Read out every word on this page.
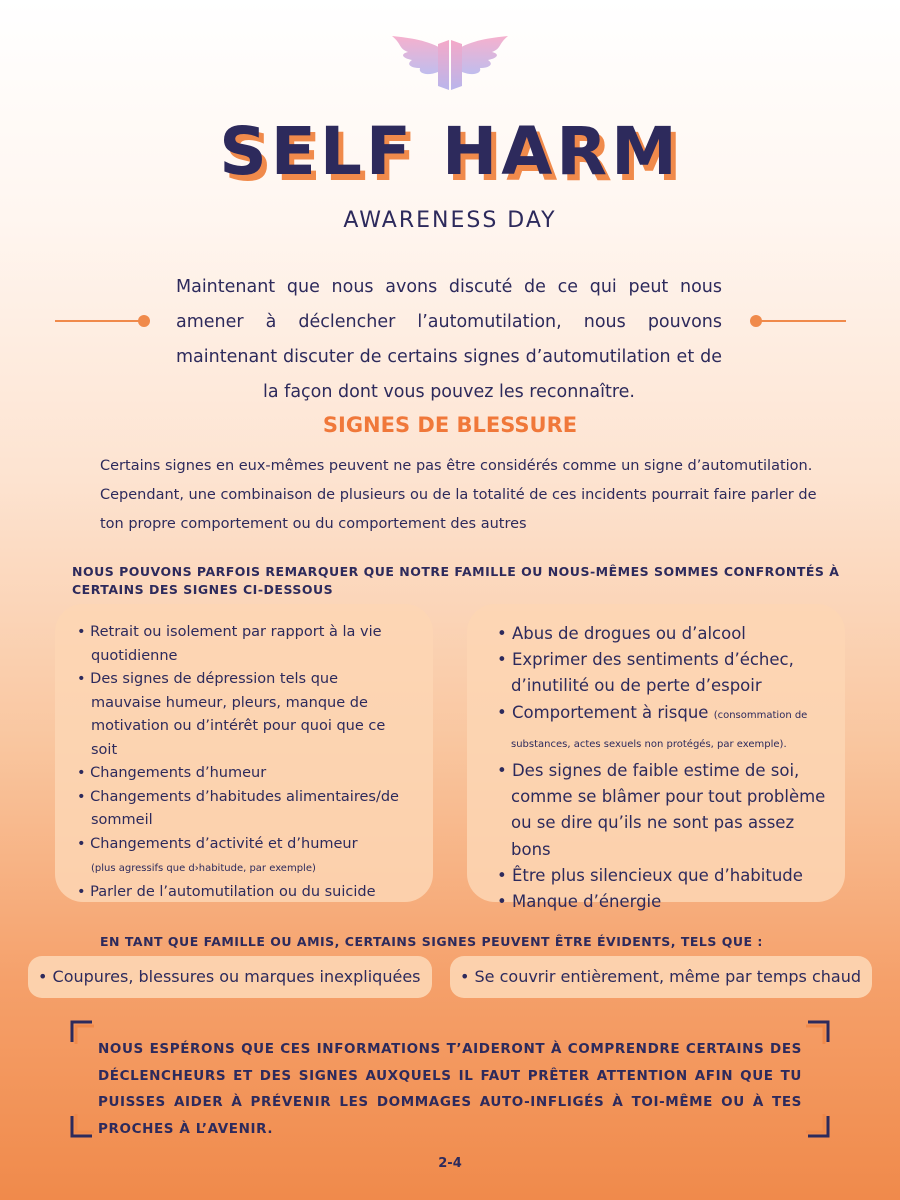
SELF HARM
AWARENESS DAY
Maintenant que nous avons discuté de ce qui peut nous amener à déclencher l’automutilation, nous pouvons maintenant discuter de certains signes d’automutilation et de la façon dont vous pouvez les reconnaître.
SIGNES DE BLESSURE
Certains signes en eux-mêmes peuvent ne pas être considérés comme un signe d’automutilation. Cependant, une combinaison de plusieurs ou de la totalité de ces incidents pourrait faire parler de ton propre comportement ou du comportement des autres
NOUS POUVONS PARFOIS REMARQUER QUE NOTRE FAMILLE OU NOUS-MÊMES SOMMES CONFRONTÉS À CERTAINS DES SIGNES CI-DESSOUS
• Retrait ou isolement par rapport à la vie quotidienne
• Des signes de dépression tels que mauvaise humeur, pleurs, manque de motivation ou d’intérêt pour quoi que ce soit
• Changements d’humeur
• Changements d’habitudes alimentaires/de sommeil
• Changements d’activité et d’humeur
(plus agressifs que d›habitude, par exemple)
• Parler de l’automutilation ou du suicide
• Abus de drogues ou d’alcool
• Exprimer des sentiments d’échec, d’inutilité ou de perte d’espoir
• Comportement à risque (consommation de substances, actes sexuels non protégés, par exemple).
• Des signes de faible estime de soi, comme se blâmer pour tout problème ou se dire qu’ils ne sont pas assez bons
• Être plus silencieux que d’habitude
• Manque d’énergie
EN TANT QUE FAMILLE OU AMIS, CERTAINS SIGNES PEUVENT ÊTRE ÉVIDENTS, TELS QUE :
• Coupures, blessures ou marques inexpliquées	• Se couvrir entièrement, même par temps chaud
NOUS ESPÉRONS QUE CES INFORMATIONS T’AIDERONT À COMPRENDRE CERTAINS DES DÉCLENCHEURS ET DES SIGNES AUXQUELS IL FAUT PRÊTER ATTENTION AFIN QUE TU PUISSES AIDER À PRÉVENIR LES DOMMAGES AUTO-INFLIGÉS À TOI-MÊME OU À TES PROCHES À L’AVENIR.
2-4
